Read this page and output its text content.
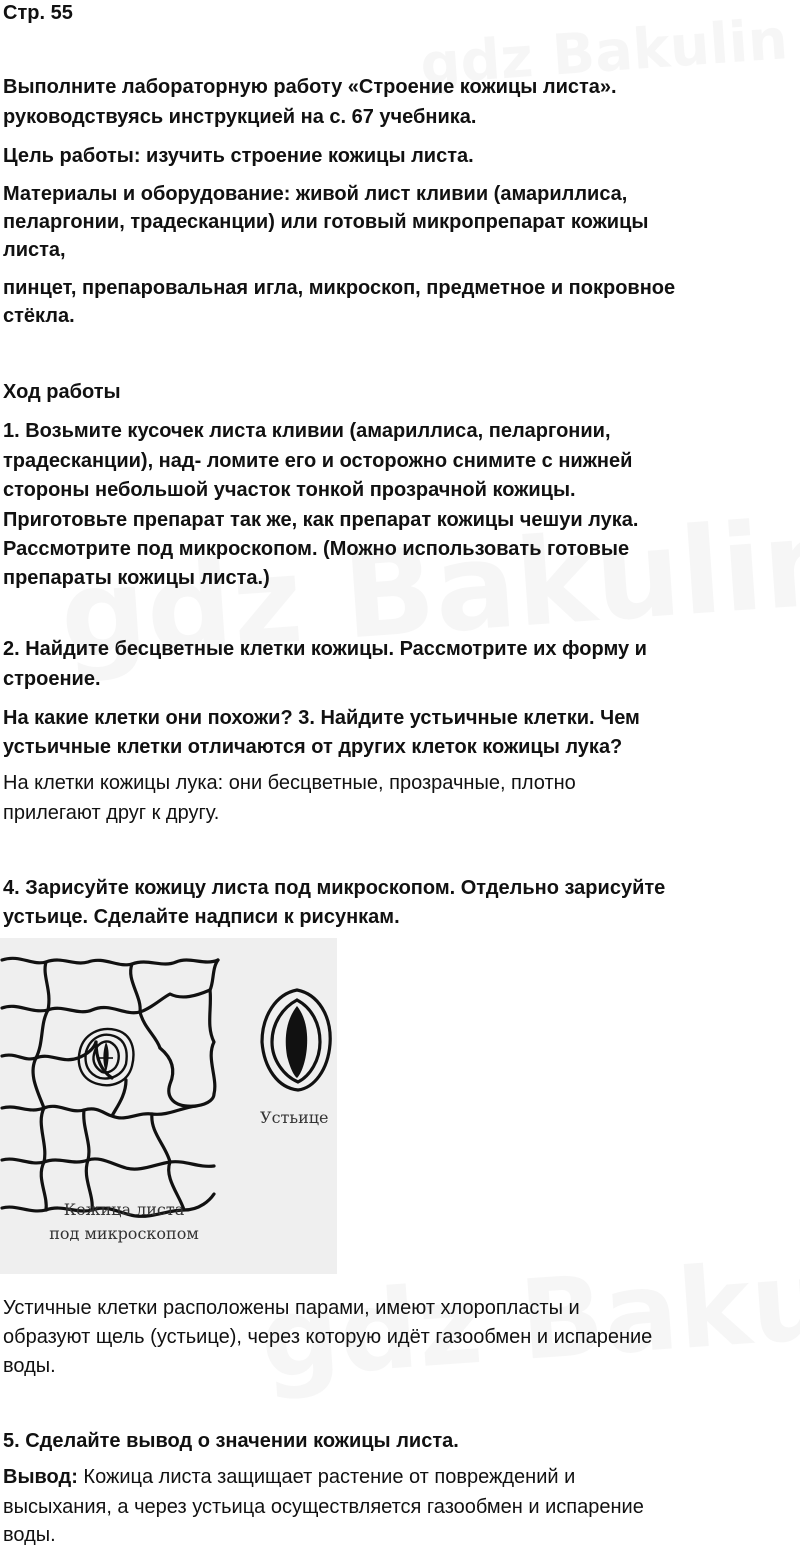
Стр. 55

Выполните лабораторную работу «Строение кожицы листа».

руководствуясь инструкцией на с. 67 учебника.

Цель работы: изучить строение кожицы листа.

Материалы и оборудование: живой лист кливии (амариллиса,

пеларгонии, традесканции) или готовый микропрепарат кожицы

листа,

пинцет, препаровальная игла, микроскоп, предметное и покровное

стёкла.

Ход работы

1. Возьмите кусочек листа кливии (амариллиса, пеларгонии,

традесканции), над- ломите его и осторожно снимите с нижней

стороны небольшой участок тонкой прозрачной кожицы.

Приготовьте препарат так же, как препарат кожицы чешуи лука.

Рассмотрите под микроскопом. (Можно использовать готовые

препараты кожицы листа.)

2. Найдите бесцветные клетки кожицы. Рассмотрите их форму и

строение.

На какие клетки они похожи? 3. Найдите устьичные клетки. Чем

устьичные клетки отличаются от других клеток кожицы лука?

На клетки кожицы лука: они бесцветные, прозрачные, плотно

прилегают друг к другу.

4. Зарисуйте кожицу листа под микроскопом. Отдельно зарисуйте

устьице. Сделайте надписи к рисункам.

Устьице
Кожица листа
под микроскопом

Устичные клетки расположены парами, имеют хлоропласты и

образуют щель (устьице), через которую идёт газообмен и испарение

воды.

5. Сделайте вывод о значении кожицы листа.

Вывод: Кожица листа защищает растение от повреждений и

высыхания, а через устьица осуществляется газообмен и испарение

воды.
